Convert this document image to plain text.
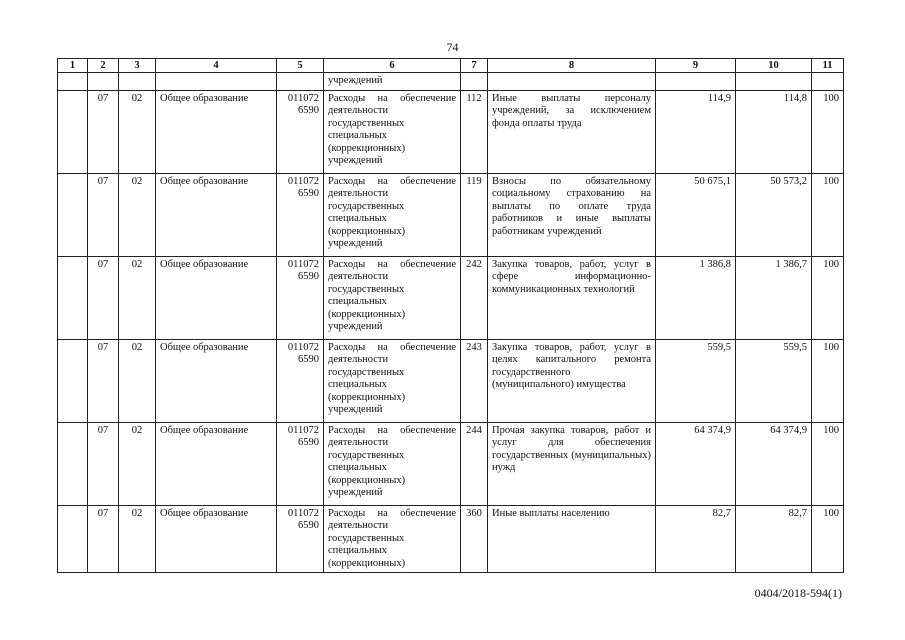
74
1	2	3	4	5	6	7	8	9	10	11
					учреждений					
	07	02	Общее образование	011072 6590	Расходы на обеспечение деятельности государственных специальных (коррекционных) учреждений	112	Иные выплаты персоналу учреждений, за исключением фонда оплаты труда	114,9	114,8	100
	07	02	Общее образование	011072 6590	Расходы на обеспечение деятельности государственных специальных (коррекционных) учреждений	119	Взносы по обязательному социальному страхованию на выплаты по оплате труда работников и иные выплаты работникам учреждений	50 675,1	50 573,2	100
	07	02	Общее образование	011072 6590	Расходы на обеспечение деятельности государственных специальных (коррекционных) учреждений	242	Закупка товаров, работ, услуг в сфере информационно-коммуникационных технологий	1 386,8	1 386,7	100
	07	02	Общее образование	011072 6590	Расходы на обеспечение деятельности государственных специальных (коррекционных) учреждений	243	Закупка товаров, работ, услуг в целях капитального ремонта государственного (муниципального) имущества	559,5	559,5	100
	07	02	Общее образование	011072 6590	Расходы на обеспечение деятельности государственных специальных (коррекционных) учреждений	244	Прочая закупка товаров, работ и услуг для обеспечения государственных (муниципальных) нужд	64 374,9	64 374,9	100
	07	02	Общее образование	011072 6590	Расходы на обеспечение деятельности государственных специальных (коррекционных)	360	Иные выплаты населению	82,7	82,7	100
0404/2018-594(1)
